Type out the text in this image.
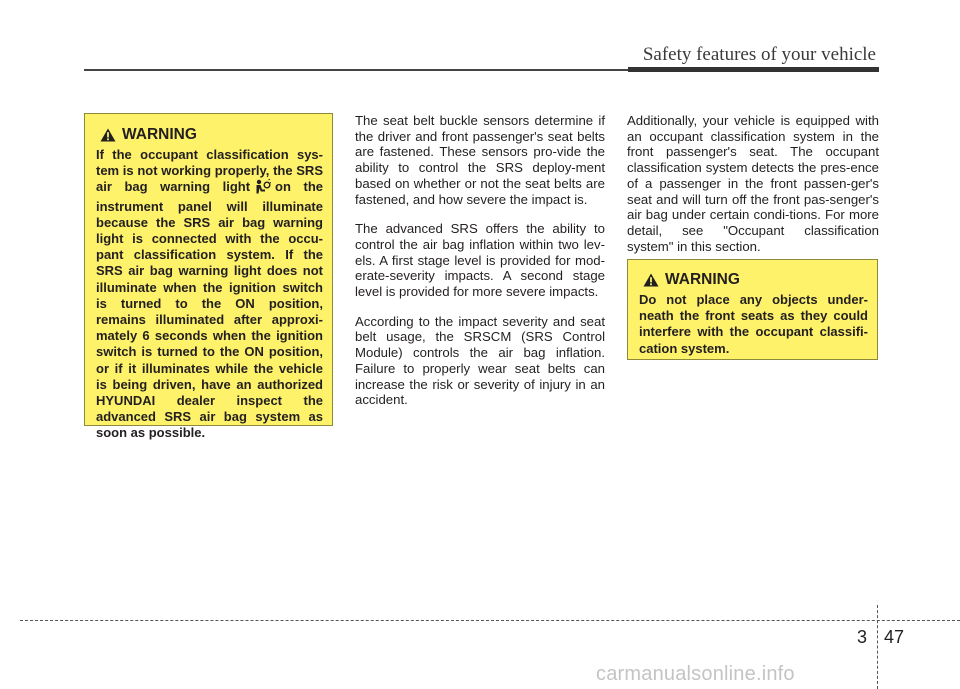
Safety features of your vehicle
WARNING

If the occupant classification sys-tem is not working properly, the SRS air bag warning light on the instrument panel will illuminate because the SRS air bag warning light is connected with the occu-pant classification system. If the SRS air bag warning light does not illuminate when the ignition switch is turned to the ON position, remains illuminated after approxi-mately 6 seconds when the ignition switch is turned to the ON position, or if it illuminates while the vehicle is being driven, have an authorized HYUNDAI dealer inspect the advanced SRS air bag system as soon as possible.

The seat belt buckle sensors determine if the driver and front passenger's seat belts are fastened. These sensors pro-vide the ability to control the SRS deploy-ment based on whether or not the seat belts are fastened, and how severe the impact is.

The advanced SRS offers the ability to control the air bag inflation within two lev-els. A first stage level is provided for mod-erate-severity impacts. A second stage level is provided for more severe impacts.

According to the impact severity and seat belt usage, the SRSCM (SRS Control Module) controls the air bag inflation. Failure to properly wear seat belts can increase the risk or severity of injury in an accident.

Additionally, your vehicle is equipped with an occupant classification system in the front passenger's seat. The occupant classification system detects the pres-ence of a passenger in the front passen-ger's seat and will turn off the front pas-senger's air bag under certain condi-tions. For more detail, see "Occupant classification system" in this section.

WARNING

Do not place any objects under-neath the front seats as they could interfere with the occupant classifi-cation system.

3 47
carmanualsonline.info
